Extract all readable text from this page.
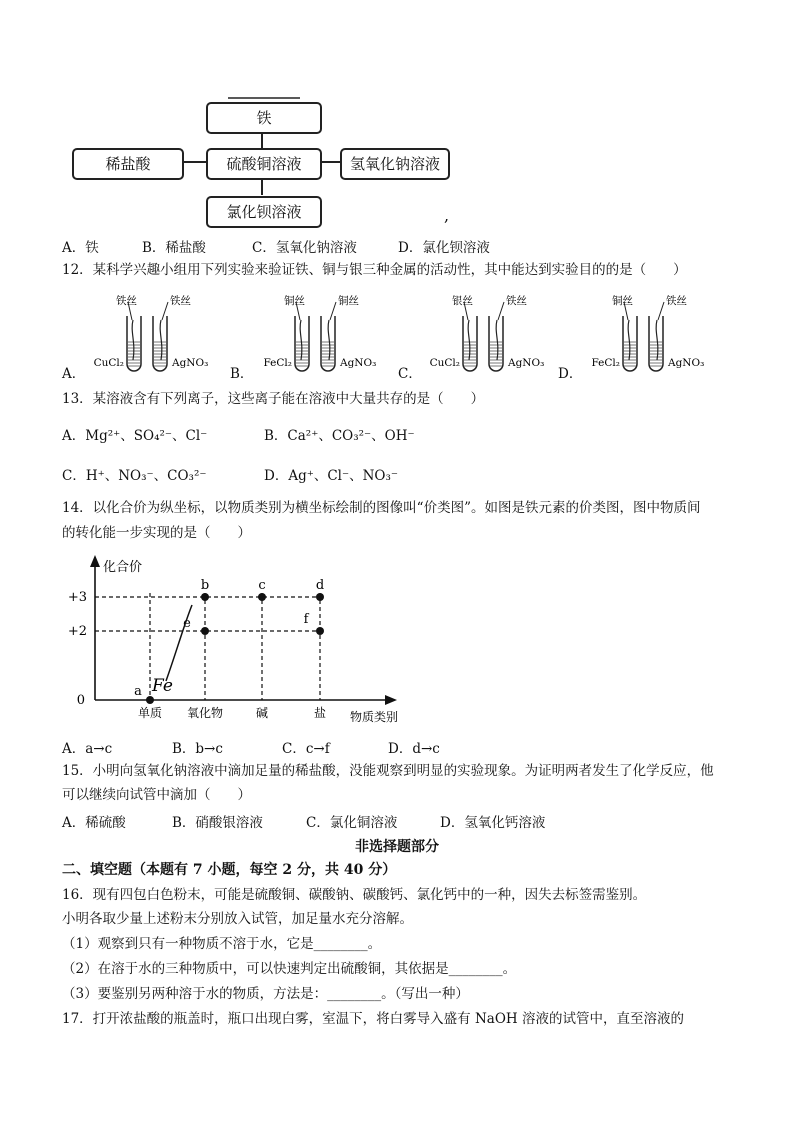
铁
硫酸铜溶液
稀盐酸	氢氧化钠溶液
氯化钡溶液	,
A．铁	B．稀盐酸	C．氢氧化钠溶液	D．氯化钡溶液
12．某科学兴趣小组用下列实验来验证铁、铜与银三种金属的活动性，其中能达到实验目的的是（　　）
A．
铁丝	铁丝
CuCl₂	AgNO₃
B．
铜丝	铜丝
FeCl₂	AgNO₃
C．
银丝	铁丝
CuCl₂	AgNO₃
D．
铜丝	铁丝
FeCl₂	AgNO₃
13．某溶液含有下列离子，这些离子能在溶液中大量共存的是（　　）
A．Mg²⁺、SO₄²⁻、Cl⁻	B．Ca²⁺、CO₃²⁻、OH⁻
C．H⁺、NO₃⁻、CO₃²⁻	D．Ag⁺、Cl⁻、NO₃⁻
14．以化合价为纵坐标，以物质类别为横坐标绘制的图像叫“价类图”。如图是铁元素的价类图，图中物质间
的转化能一步实现的是（　　）
化合价
物质类别
+3
+2
0
单质 氧化物	碱	盐
a
b	c	d
e	f
Fe
A．a→c	B．b→c	C．c→f	D．d→c
15．小明向氢氧化钠溶液中滴加足量的稀盐酸，没能观察到明显的实验现象。为证明两者发生了化学反应，他
可以继续向试管中滴加（　　）
A．稀硫酸	B．硝酸银溶液	C．氯化铜溶液	D．氢氧化钙溶液
非选择题部分
二、填空题（本题有 7 小题，每空 2 分，共 40 分）
16．现有四包白色粉末，可能是硫酸铜、碳酸钠、碳酸钙、氯化钙中的一种，因失去标签需鉴别。
小明各取少量上述粉末分别放入试管，加足量水充分溶解。
（1）观察到只有一种物质不溶于水，它是________。
（2）在溶于水的三种物质中，可以快速判定出硫酸铜，其依据是________。
（3）要鉴别另两种溶于水的物质，方法是：________。（写出一种）
17．打开浓盐酸的瓶盖时，瓶口出现白雾，室温下，将白雾导入盛有 NaOH 溶液的试管中，直至溶液的
